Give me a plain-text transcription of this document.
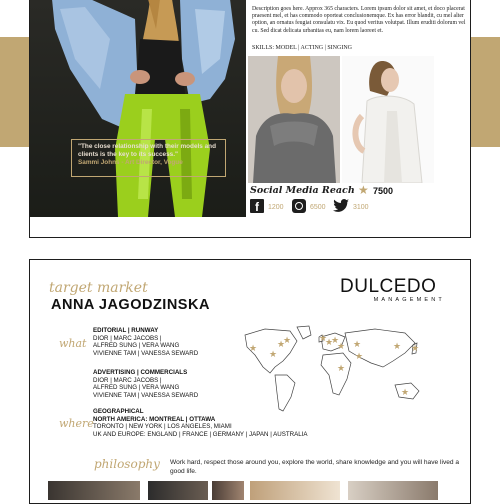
"The close relationship with their models and clients is the key to its success."
Sammi Johns - Art Director, Vogue
Description goes here. Approx 365 characters. Lorem ipsum dolor sit amet, et doco placerat praesent mel, et has commodo oporteat conclusionemque. Ex has error blandit, cu mel alter option, an ornatus feugiat consulatu vix. Eu quod veritus volutpat. Illum eruditi dolorum vel cu. Sed dicat delicata urbanitas eu, nam lorem laoreet et.
SKILLS: MODEL | ACTING | SINGING
Social Media Reach ★ 7500
f 1200	6500	3100
target market
ANNA JAGODZINSKA
DULCEDO
MANAGEMENT
what
EDITORIAL | RUNWAY
DIOR | MARC JACOBS |
ALFRED SUNG | VERA WANG
VIVIENNE TAM | VANESSA SEWARD
ADVERTISING | COMMERCIALS
DIOR | MARC JACOBS |
ALFRED SUNG | VERA WANG
VIVIENNE TAM | VANESSA SEWARD
where
GEOGRAPHICAL
NORTH AMERICA: MONTREAL | OTTAWA
TORONTO | NEW YORK | LOS ANGELES, MIAMI
UK AND EUROPE: ENGLAND | FRANCE | GERMANY | JAPAN | AUSTRALIA
★
★
★
★	★
★
★
★ ★	★
★
★
★
★
philosophy Work hard, respect those around you, explore the world, share knowledge and you will have lived a good life.
